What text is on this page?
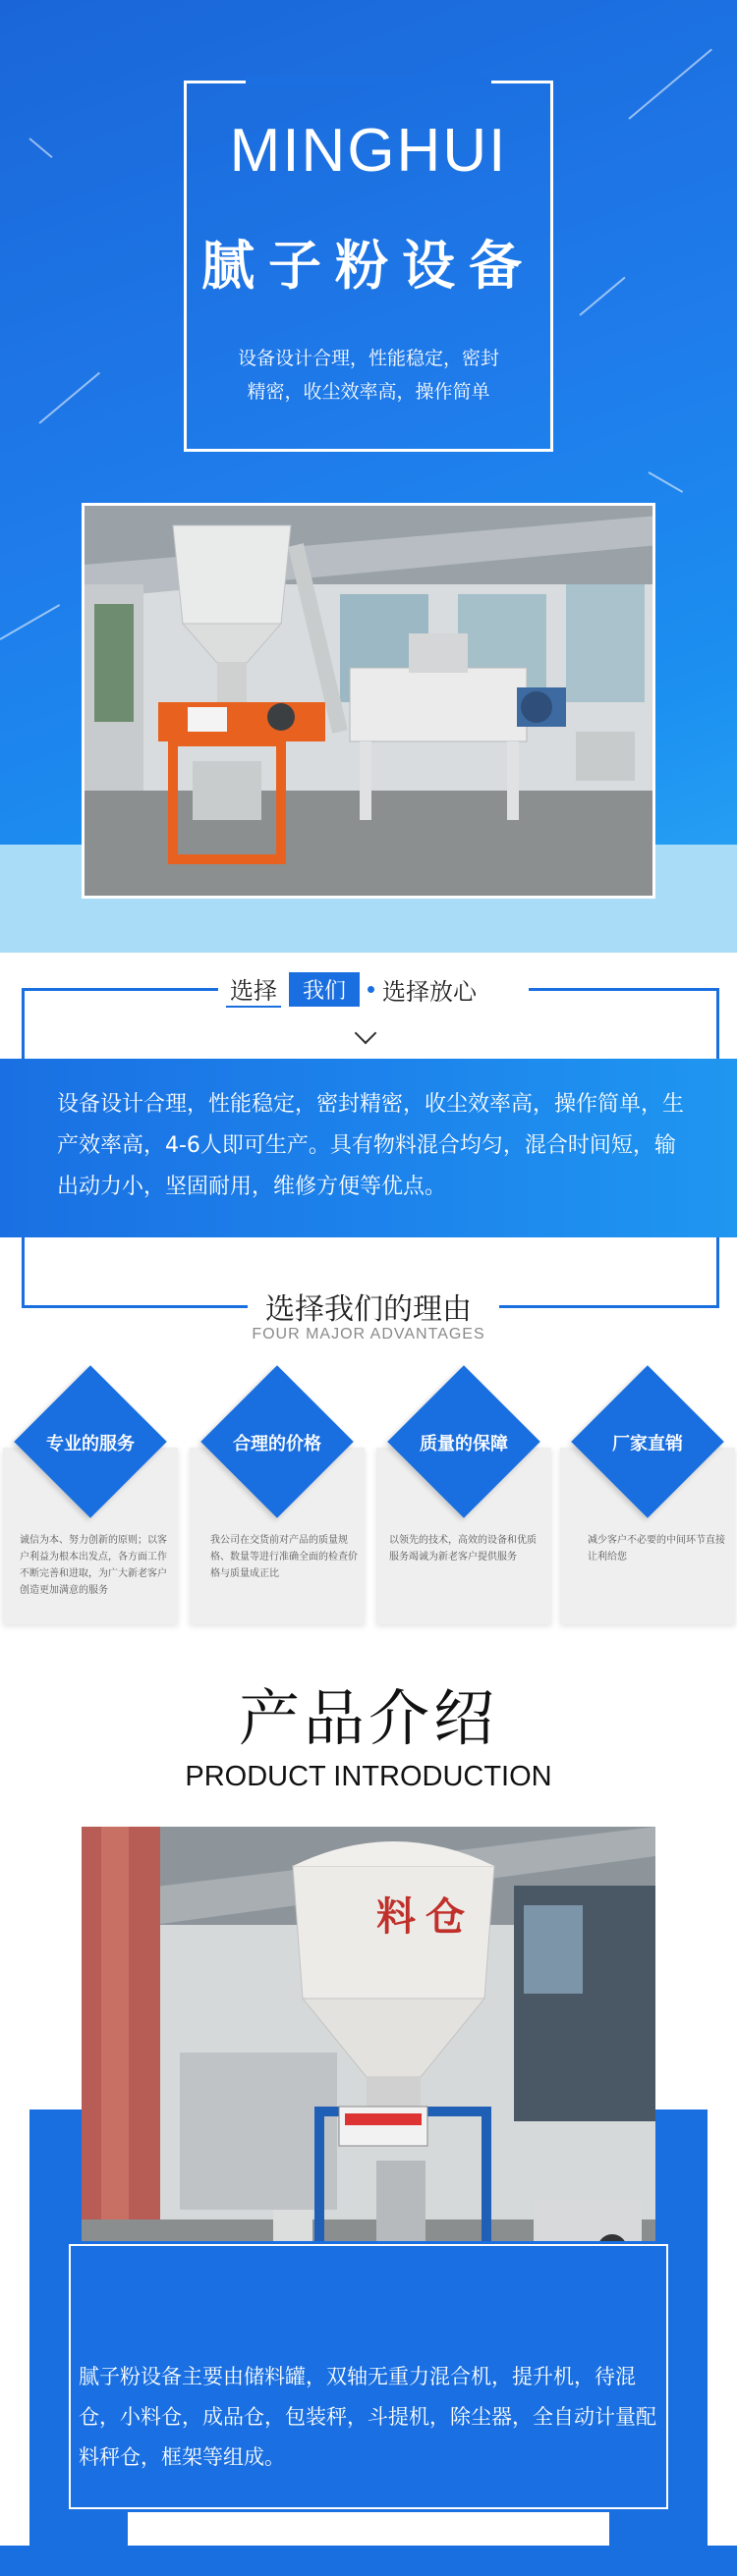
MINGHUI
腻子粉设备
设备设计合理，性能稳定，密封
精密，收尘效率高，操作简单
选择	我们	选择放心
设备设计合理，性能稳定，密封精密，收尘效率高，操作简单，生产效率高，4-6人即可生产。具有物料混合均匀，混合时间短，输出动力小，坚固耐用，维修方便等优点。
选择我们的理由
FOUR MAJOR ADVANTAGES
专业的服务
诚信为本、努力创新的原则；以客户利益为根本出发点，各方面工作不断完善和进取，为广大新老客户创造更加满意的服务
合理的价格
我公司在交货前对产品的质量规格、数量等进行准确全面的检查价格与质量成正比
质量的保障
以领先的技术，高效的设备和优质服务竭诚为新老客户提供服务
厂家直销
减少客户不必要的中间环节直接让利给您
产品介绍
PRODUCT INTRODUCTION
料仓
腻子粉设备主要由储料罐，双轴无重力混合机，提升机，待混仓，小料仓，成品仓，包装秤，斗提机，除尘器，全自动计量配料秤仓，框架等组成。
